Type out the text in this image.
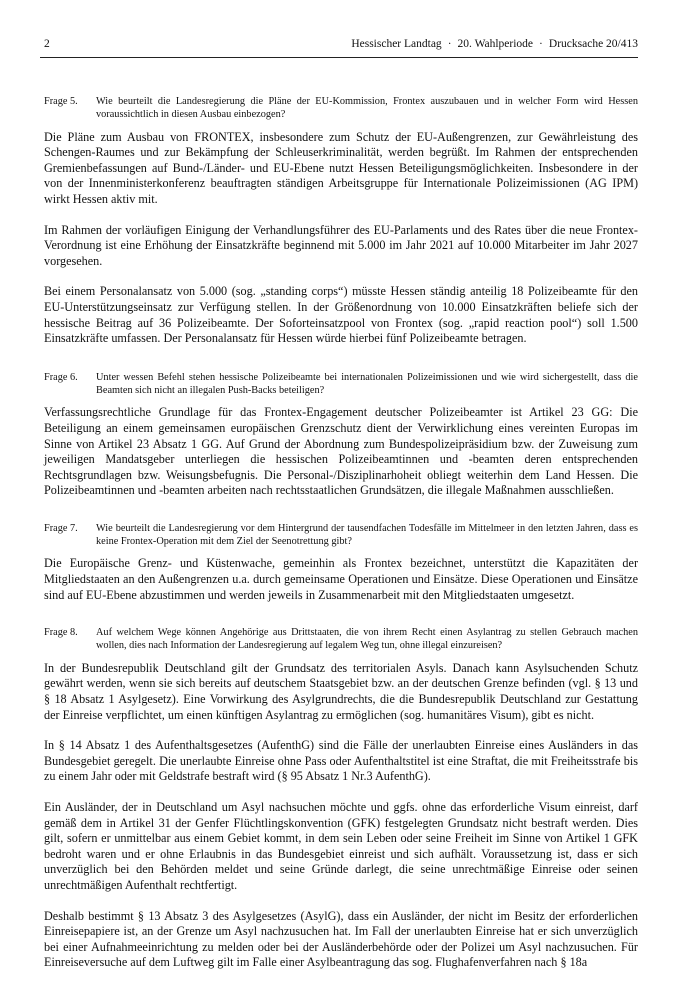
2	Hessischer Landtag · 20. Wahlperiode · Drucksache 20/413
Frage 5.	Wie beurteilt die Landesregierung die Pläne der EU-Kommission, Frontex auszubauen und in welcher Form wird Hessen voraussichtlich in diesen Ausbau einbezogen?

Die Pläne zum Ausbau von FRONTEX, insbesondere zum Schutz der EU-Außengrenzen, zur Gewährleistung des Schengen-Raumes und zur Bekämpfung der Schleuserkriminalität, werden begrüßt. Im Rahmen der entsprechenden Gremienbefassungen auf Bund-/Länder- und EU-Ebene nutzt Hessen Beteiligungsmöglichkeiten. Insbesondere in der von der Innenministerkonferenz beauftragten ständigen Arbeitsgruppe für Internationale Polizeimissionen (AG IPM) wirkt Hessen aktiv mit.

Im Rahmen der vorläufigen Einigung der Verhandlungsführer des EU-Parlaments und des Rates über die neue Frontex-Verordnung ist eine Erhöhung der Einsatzkräfte beginnend mit 5.000 im Jahr 2021 auf 10.000 Mitarbeiter im Jahr 2027 vorgesehen.

Bei einem Personalansatz von 5.000 (sog. „standing corps“) müsste Hessen ständig anteilig 18 Polizeibeamte für den EU-Unterstützungseinsatz zur Verfügung stellen. In der Größenordnung von 10.000 Einsatzkräften beliefe sich der hessische Beitrag auf 36 Polizeibeamte. Der Soforteinsatzpool von Frontex (sog. „rapid reaction pool“) soll 1.500 Einsatzkräfte umfassen. Der Personalansatz für Hessen würde hierbei fünf Polizeibeamte betragen.

Frage 6.	Unter wessen Befehl stehen hessische Polizeibeamte bei internationalen Polizeimissionen und wie wird sichergestellt, dass die Beamten sich nicht an illegalen Push-Backs beteiligen?

Verfassungsrechtliche Grundlage für das Frontex-Engagement deutscher Polizeibeamter ist Artikel 23 GG: Die Beteiligung an einem gemeinsamen europäischen Grenzschutz dient der Verwirklichung eines vereinten Europas im Sinne von Artikel 23 Absatz 1 GG. Auf Grund der Abordnung zum Bundespolizeipräsidium bzw. der Zuweisung zum jeweiligen Mandatsgeber unterliegen die hessischen Polizeibeamtinnen und -beamten deren entsprechenden Rechtsgrundlagen bzw. Weisungsbefugnis. Die Personal-/Disziplinarhoheit obliegt weiterhin dem Land Hessen. Die Polizeibeamtinnen und -beamten arbeiten nach rechtsstaatlichen Grundsätzen, die illegale Maßnahmen ausschließen.

Frage 7.	Wie beurteilt die Landesregierung vor dem Hintergrund der tausendfachen Todesfälle im Mittelmeer in den letzten Jahren, dass es keine Frontex-Operation mit dem Ziel der Seenotrettung gibt?

Die Europäische Grenz- und Küstenwache, gemeinhin als Frontex bezeichnet, unterstützt die Kapazitäten der Mitgliedstaaten an den Außengrenzen u.a. durch gemeinsame Operationen und Einsätze. Diese Operationen und Einsätze sind auf EU-Ebene abzustimmen und werden jeweils in Zusammenarbeit mit den Mitgliedstaaten umgesetzt.

Frage 8.	Auf welchem Wege können Angehörige aus Drittstaaten, die von ihrem Recht einen Asylantrag zu stellen Gebrauch machen wollen, dies nach Information der Landesregierung auf legalem Weg tun, ohne illegal einzureisen?

In der Bundesrepublik Deutschland gilt der Grundsatz des territorialen Asyls. Danach kann Asylsuchenden Schutz gewährt werden, wenn sie sich bereits auf deutschem Staatsgebiet bzw. an der deutschen Grenze befinden (vgl. § 13 und § 18 Absatz 1 Asylgesetz). Eine Vorwirkung des Asylgrundrechts, die die Bundesrepublik Deutschland zur Gestattung der Einreise verpflichtet, um einen künftigen Asylantrag zu ermöglichen (sog. humanitäres Visum), gibt es nicht.

In § 14 Absatz 1 des Aufenthaltsgesetzes (AufenthG) sind die Fälle der unerlaubten Einreise eines Ausländers in das Bundesgebiet geregelt. Die unerlaubte Einreise ohne Pass oder Aufenthaltstitel ist eine Straftat, die mit Freiheitsstrafe bis zu einem Jahr oder mit Geldstrafe bestraft wird (§ 95 Absatz 1 Nr.3 AufenthG).

Ein Ausländer, der in Deutschland um Asyl nachsuchen möchte und ggfs. ohne das erforderliche Visum einreist, darf gemäß dem in Artikel 31 der Genfer Flüchtlingskonvention (GFK) festgelegten Grundsatz nicht bestraft werden. Dies gilt, sofern er unmittelbar aus einem Gebiet kommt, in dem sein Leben oder seine Freiheit im Sinne von Artikel 1 GFK bedroht waren und er ohne Erlaubnis in das Bundesgebiet einreist und sich aufhält. Voraussetzung ist, dass er sich unverzüglich bei den Behörden meldet und seine Gründe darlegt, die seine unrechtmäßige Einreise oder seinen unrechtmäßigen Aufenthalt rechtfertigt.

Deshalb bestimmt § 13 Absatz 3 des Asylgesetzes (AsylG), dass ein Ausländer, der nicht im Besitz der erforderlichen Einreisepapiere ist, an der Grenze um Asyl nachzusuchen hat. Im Fall der unerlaubten Einreise hat er sich unverzüglich bei einer Aufnahmeeinrichtung zu melden oder bei der Ausländerbehörde oder der Polizei um Asyl nachzusuchen. Für Einreiseversuche auf dem Luftweg gilt im Falle einer Asylbeantragung das sog. Flughafenverfahren nach § 18a
